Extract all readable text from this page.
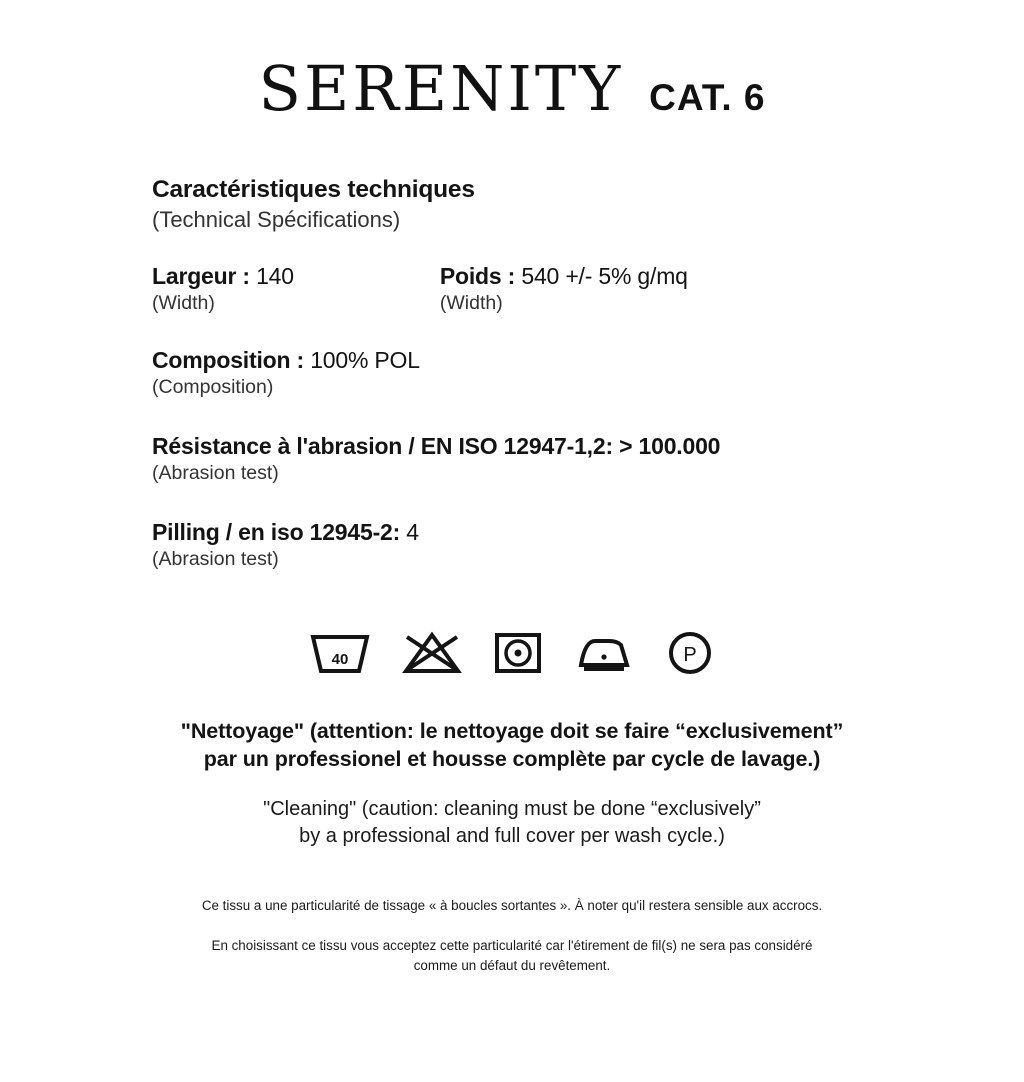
SERENITY CAT. 6
Caractéristiques techniques
(Technical Spécifications)
Largeur : 140
(Width)
Poids : 540 +/- 5% g/mq
(Width)
Composition : 100% POL
(Composition)
Résistance à l'abrasion / EN ISO 12947-1,2: > 100.000
(Abrasion test)
Pilling / en iso 12945-2: 4
(Abrasion test)
40	P
"Nettoyage" (attention: le nettoyage doit se faire “exclusivement”
par un professionel et housse complète par cycle de lavage.)
"Cleaning" (caution: cleaning must be done “exclusively”
by a professional and full cover per wash cycle.)

Ce tissu a une particularité de tissage « à boucles sortantes ». À noter qu'il restera sensible aux accrocs.

En choisissant ce tissu vous acceptez cette particularité car l'étirement de fil(s) ne sera pas considéré comme un défaut du revêtement.
